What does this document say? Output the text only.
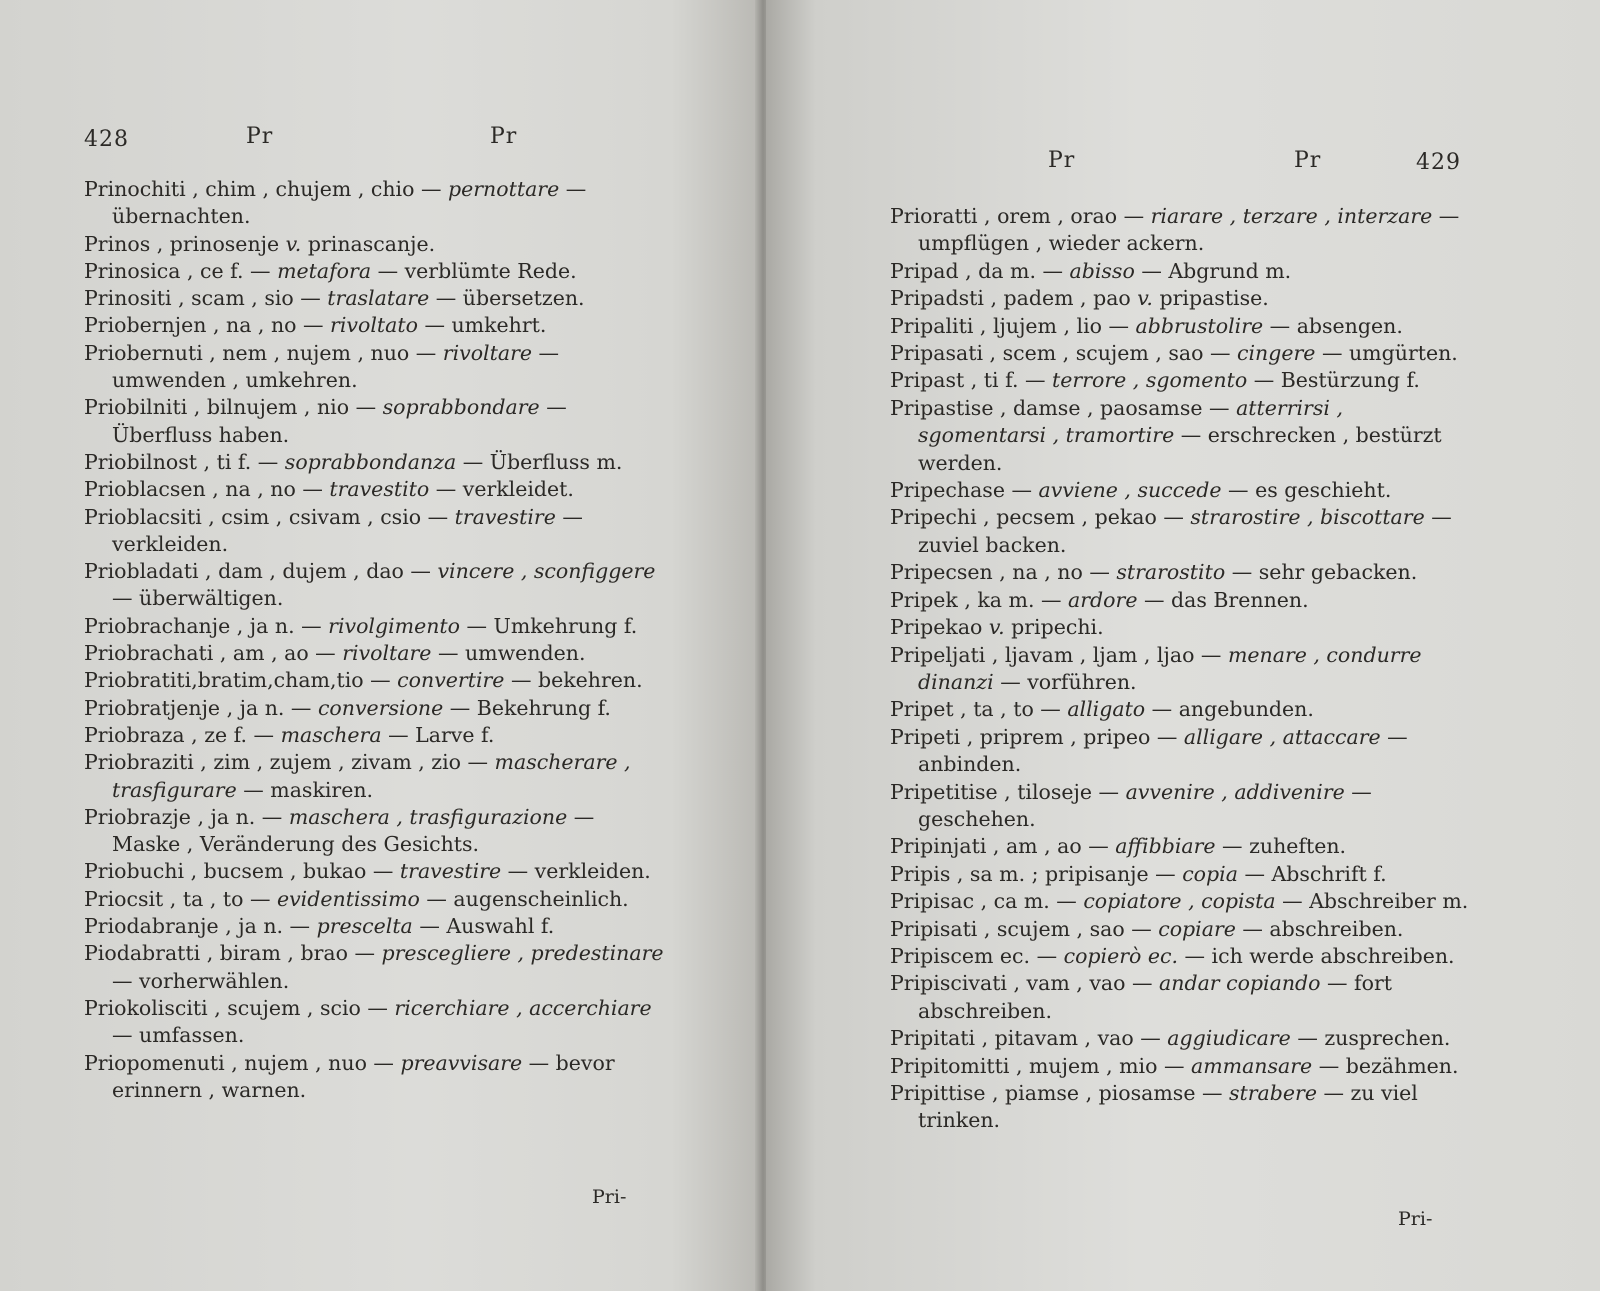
428	Pr	Pr

Prinochiti , chim , chujem , chio — pernottare — übernachten.

Prinos , prinosenje v. prinascanje.

Prinosica , ce f. — metafora — verblümte Rede.

Prinositi , scam , sio — traslatare — übersetzen.

Priobernjen , na , no — rivoltato — umkehrt.

Priobernuti , nem , nujem , nuo — rivoltare — umwenden , umkehren.

Priobilniti , bilnujem , nio — soprabbondare — Überfluss haben.

Priobilnost , ti f. — soprabbondanza — Überfluss m.

Prioblacsen , na , no — travestito — verkleidet.

Prioblacsiti , csim , csivam , csio — travestire — verkleiden.

Priobladati , dam , dujem , dao — vincere , sconfiggere — überwältigen.

Priobrachanje , ja n. — rivolgimento — Umkehrung f.

Priobrachati , am , ao — rivoltare — umwenden.

Priobratiti,bratim,cham,tio — convertire — bekehren.

Priobratjenje , ja n. — conversione — Bekehrung f.

Priobraza , ze f. — maschera — Larve f.

Priobraziti , zim , zujem , zivam , zio — mascherare , trasfigurare — maskiren.

Priobrazje , ja n. — maschera , trasfigurazione — Maske , Veränderung des Gesichts.

Priobuchi , bucsem , bukao — travestire — verkleiden.

Priocsit , ta , to — evidentissimo — augenscheinlich.

Priodabranje , ja n. — prescelta — Auswahl f.

Piodabratti , biram , brao — prescegliere , predestinare — vorherwählen.

Priokolisciti , scujem , scio — ricerchiare , accerchiare — umfassen.

Priopomenuti , nujem , nuo — preavvisare — bevor erinnern , warnen.

Pri-
Pr	Pr	429

Prioratti , orem , orao — riarare , terzare , interzare — umpflügen , wieder ackern.

Pripad , da m. — abisso — Abgrund m.

Pripadsti , padem , pao v. pripastise.

Pripaliti , ljujem , lio — abbrustolire — absengen.

Pripasati , scem , scujem , sao — cingere — umgürten.

Pripast , ti f. — terrore , sgomento — Bestürzung f.

Pripastise , damse , paosamse — atterrirsi , sgomentarsi , tramortire — erschrecken , bestürzt werden.

Pripechase — avviene , succede — es geschieht.

Pripechi , pecsem , pekao — strarostire , biscottare — zuviel backen.

Pripecsen , na , no — strarostito — sehr gebacken.

Pripek , ka m. — ardore — das Brennen.

Pripekao v. pripechi.

Pripeljati , ljavam , ljam , ljao — menare , condurre dinanzi — vorführen.

Pripet , ta , to — alligato — angebunden.

Pripeti , priprem , pripeo — alligare , attaccare — anbinden.

Pripetitise , tiloseje — avvenire , addivenire — geschehen.

Pripinjati , am , ao — affibbiare — zuheften.

Pripis , sa m. ; pripisanje — copia — Abschrift f.

Pripisac , ca m. — copiatore , copista — Abschreiber m.

Pripisati , scujem , sao — copiare — abschreiben.

Pripiscem ec. — copierò ec. — ich werde abschreiben.

Pripiscivati , vam , vao — andar copiando — fort abschreiben.

Pripitati , pitavam , vao — aggiudicare — zusprechen.

Pripitomitti , mujem , mio — ammansare — bezähmen.

Pripittise , piamse , piosamse — strabere — zu viel trinken.

Pri-
